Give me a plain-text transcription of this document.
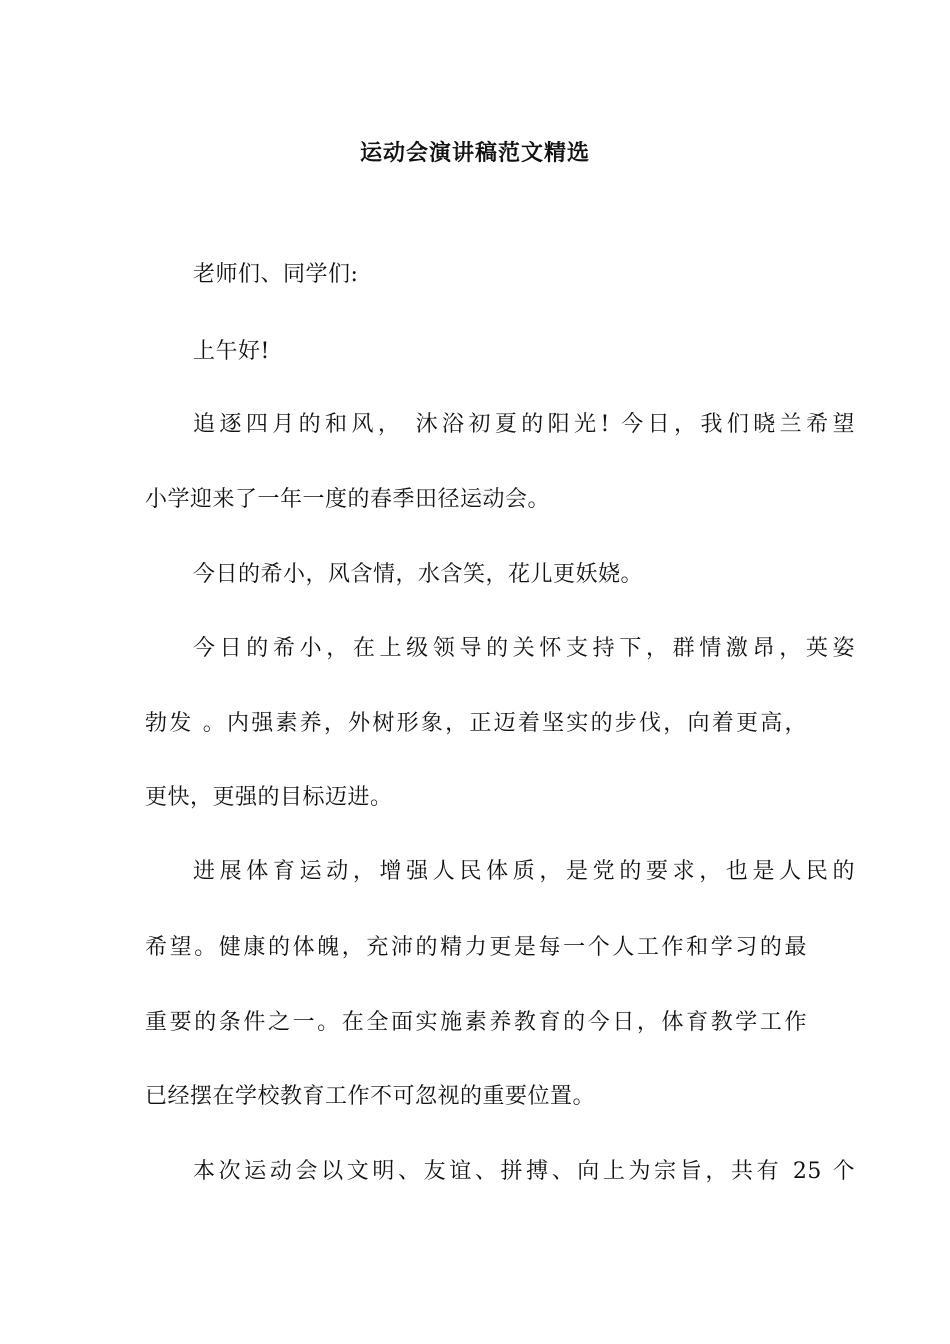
运动会演讲稿范文精选
老师们、同学们:
上午好!
追逐四月的和风， 沐浴初夏的阳光! 今日，我们晓兰希望
小学迎来了一年一度的春季田径运动会。
今日的希小，风含情，水含笑，花儿更妖娆。
今日的希小，在上级领导的关怀支持下，群情激昂，英姿
勃发 。内强素养，外树形象，正迈着坚实的步伐，向着更高，
更快，更强的目标迈进。
进展体育运动，增强人民体质，是党的要求，也是人民的
希望。健康的体魄，充沛的精力更是每一个人工作和学习的最
重要的条件之一。在全面实施素养教育的今日，体育教学工作
已经摆在学校教育工作不可忽视的重要位置。
本次运动会以文明、友谊、拼搏、向上为宗旨，共有 25 个
